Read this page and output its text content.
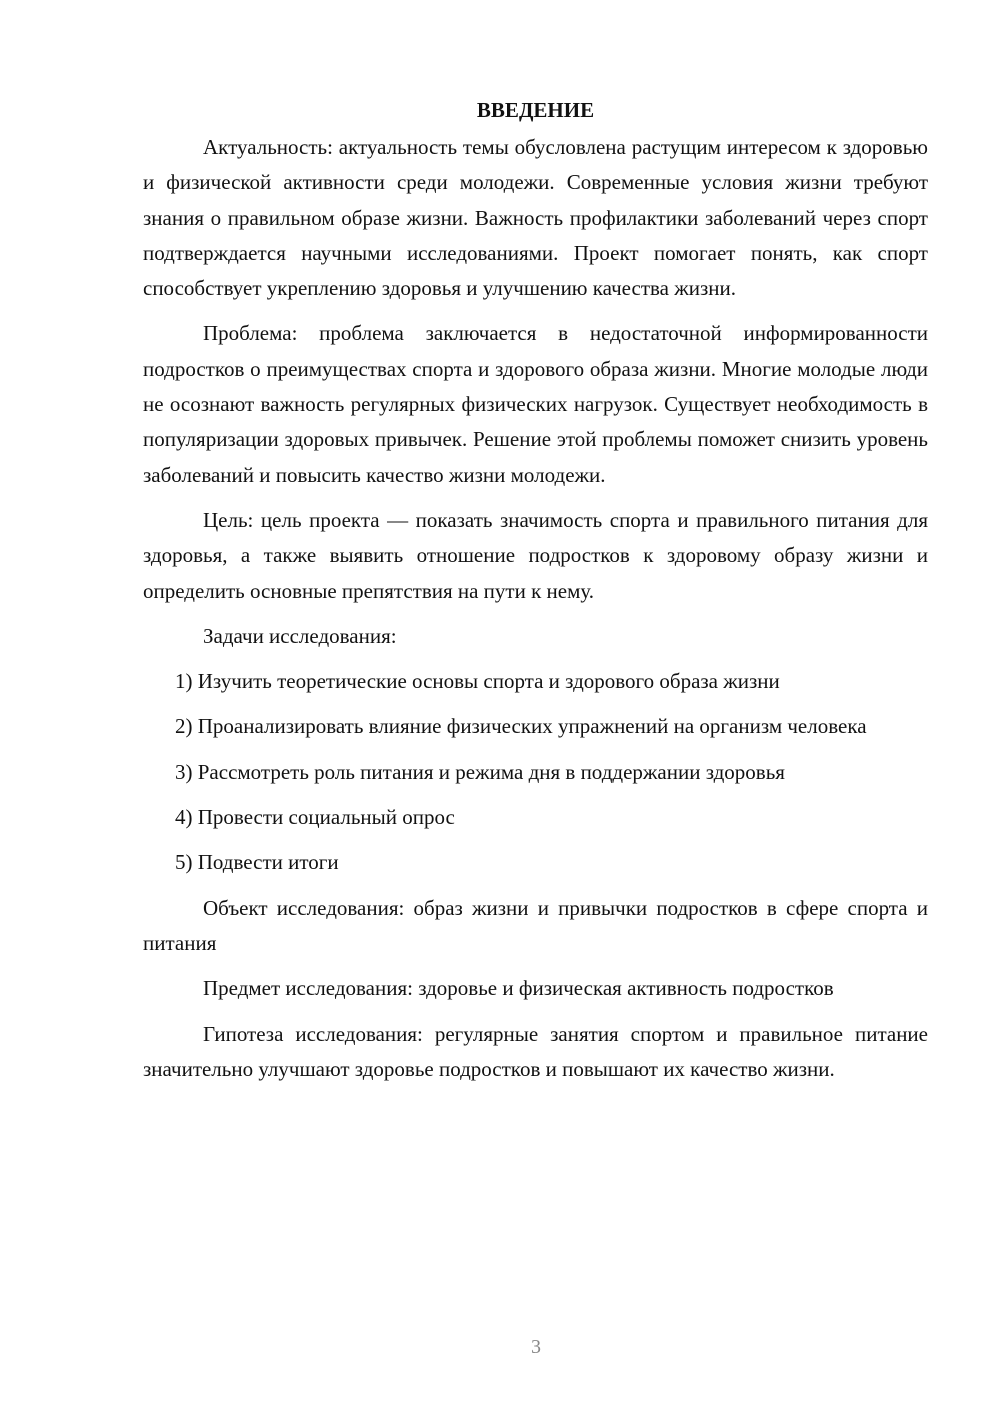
ВВЕДЕНИЕ

Актуальность: актуальность темы обусловлена растущим интересом к здоровью и физической активности среди молодежи. Современные условия жизни требуют знания о правильном образе жизни. Важность профилактики заболеваний через спорт подтверждается научными исследованиями. Проект помогает понять, как спорт способствует укреплению здоровья и улучшению качества жизни.

Проблема: проблема заключается в недостаточной информированности подростков о преимуществах спорта и здорового образа жизни. Многие молодые люди не осознают важность регулярных физических нагрузок. Существует необходимость в популяризации здоровых привычек. Решение этой проблемы поможет снизить уровень заболеваний и повысить качество жизни молодежи.

Цель: цель проекта — показать значимость спорта и правильного питания для здоровья, а также выявить отношение подростков к здоровому образу жизни и определить основные препятствия на пути к нему.

Задачи исследования:

1) Изучить теоретические основы спорта и здорового образа жизни

2) Проанализировать влияние физических упражнений на организм человека

3) Рассмотреть роль питания и режима дня в поддержании здоровья

4) Провести социальный опрос

5) Подвести итоги

Объект исследования: образ жизни и привычки подростков в сфере спорта и питания

Предмет исследования: здоровье и физическая активность подростков

Гипотеза исследования: регулярные занятия спортом и правильное питание значительно улучшают здоровье подростков и повышают их качество жизни.

3
